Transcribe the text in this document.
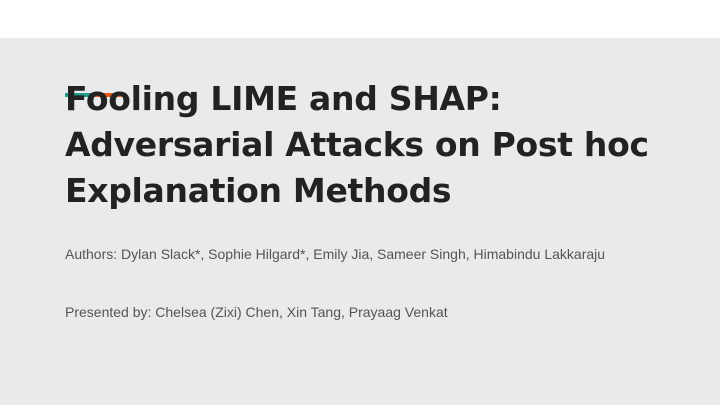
Fooling LIME and SHAP:
Adversarial Attacks on Post hoc
Explanation Methods

Authors: Dylan Slack*, Sophie Hilgard*, Emily Jia, Sameer Singh, Himabindu Lakkaraju

Presented by: Chelsea (Zixi) Chen, Xin Tang, Prayaag Venkat
